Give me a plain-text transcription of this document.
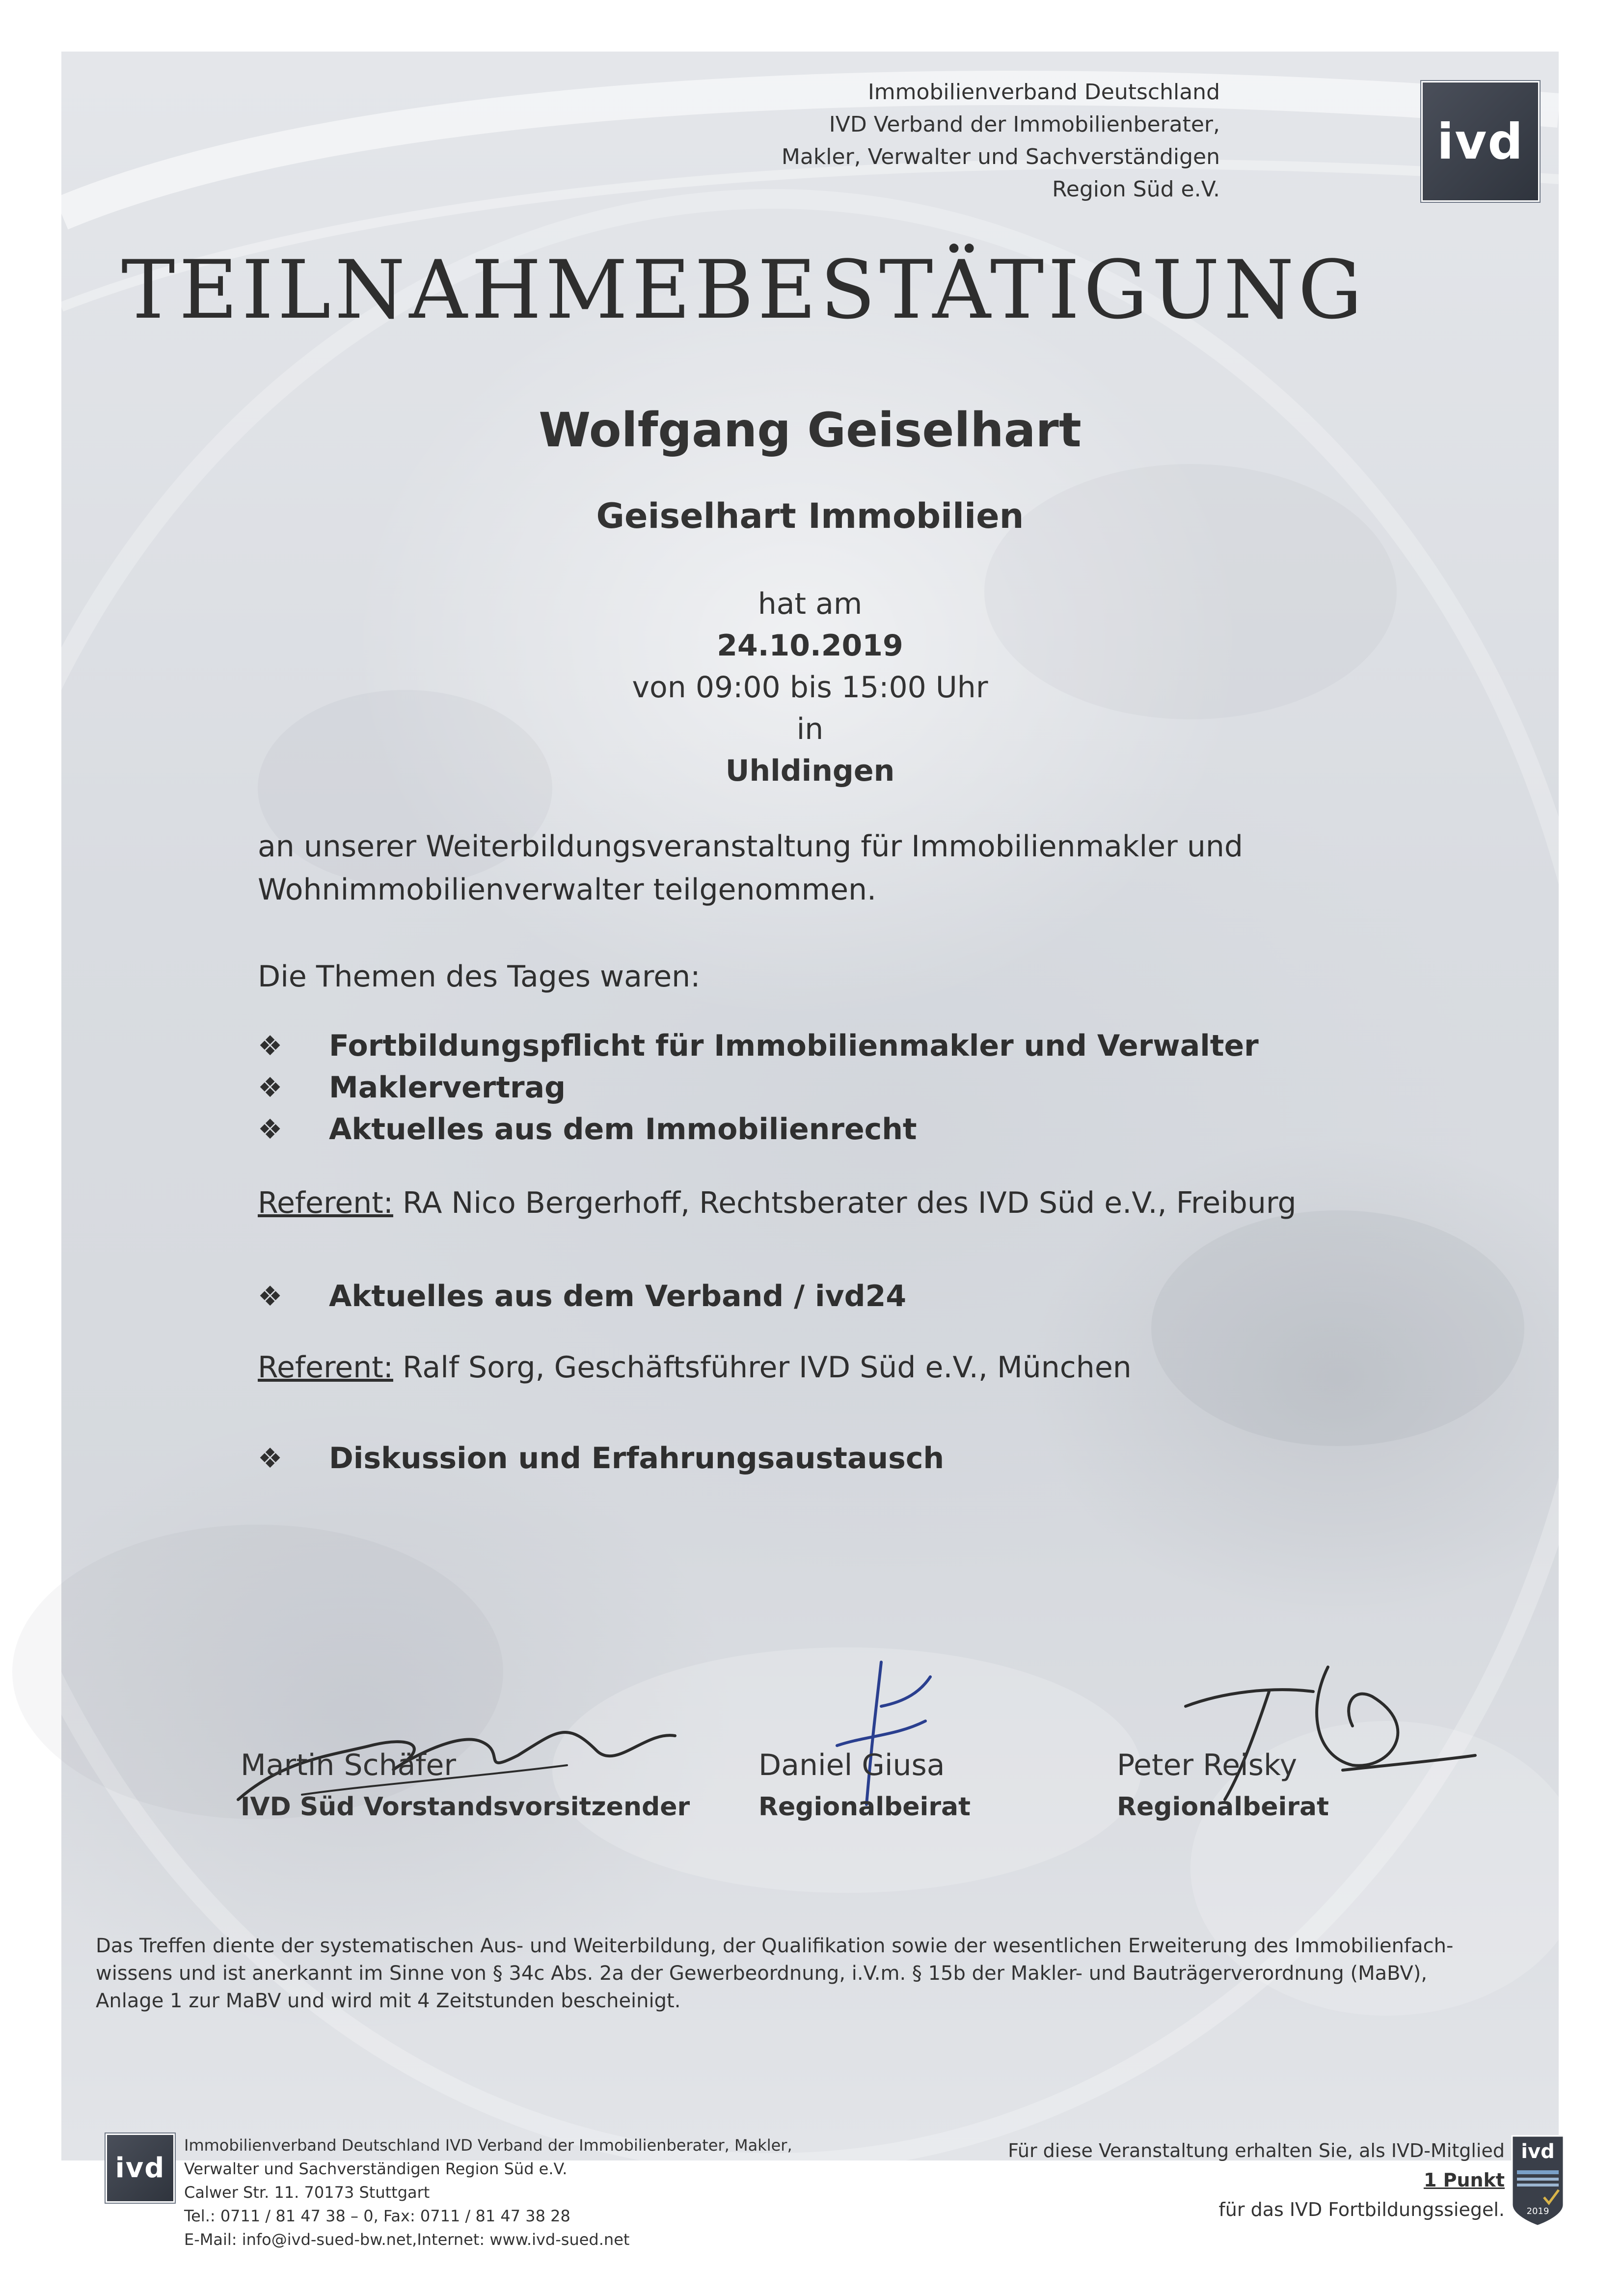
Immobilienverband Deutschland
IVD Verband der Immobilienberater,
Makler, Verwalter und Sachverständigen
Region Süd e.V.
ivd
TEILNAHMEBESTÄTIGUNG
Wolfgang Geiselhart
Geiselhart Immobilien
hat am
24.10.2019
von 09:00 bis 15:00 Uhr
in
Uhldingen
an unserer Weiterbildungsveranstaltung für Immobilienmakler und
Wohnimmobilienverwalter teilgenommen.
Die Themen des Tages waren:
❖	Fortbildungspflicht für Immobilienmakler und Verwalter
❖	Maklervertrag
❖	Aktuelles aus dem Immobilienrecht
Referent: RA Nico Bergerhoff, Rechtsberater des IVD Süd e.V., Freiburg
❖	Aktuelles aus dem Verband / ivd24
Referent: Ralf Sorg, Geschäftsführer IVD Süd e.V., München
❖	Diskussion und Erfahrungsaustausch
Martin Schäfer
IVD Süd Vorstandsvorsitzender
Daniel Giusa
Regionalbeirat
Peter Reisky
Regionalbeirat
Das Treffen diente der systematischen Aus- und Weiterbildung, der Qualifikation sowie der wesentlichen Erweiterung des Immobilienfach-
wissens und ist anerkannt im Sinne von § 34c Abs. 2a der Gewerbeordnung, i.V.m. § 15b der Makler- und Bauträgerverordnung (MaBV),
Anlage 1 zur MaBV und wird mit 4 Zeitstunden bescheinigt.
ivd
Immobilienverband Deutschland IVD Verband der Immobilienberater, Makler,
Verwalter und Sachverständigen Region Süd e.V.
Calwer Str. 11. 70173 Stuttgart
Tel.: 0711 / 81 47 38 – 0, Fax: 0711 / 81 47 38 28
E-Mail: info@ivd-sued-bw.net,Internet: www.ivd-sued.net
Für diese Veranstaltung erhalten Sie, als IVD-Mitglied
1 Punkt
für das IVD Fortbildungssiegel.
ivd
2019
